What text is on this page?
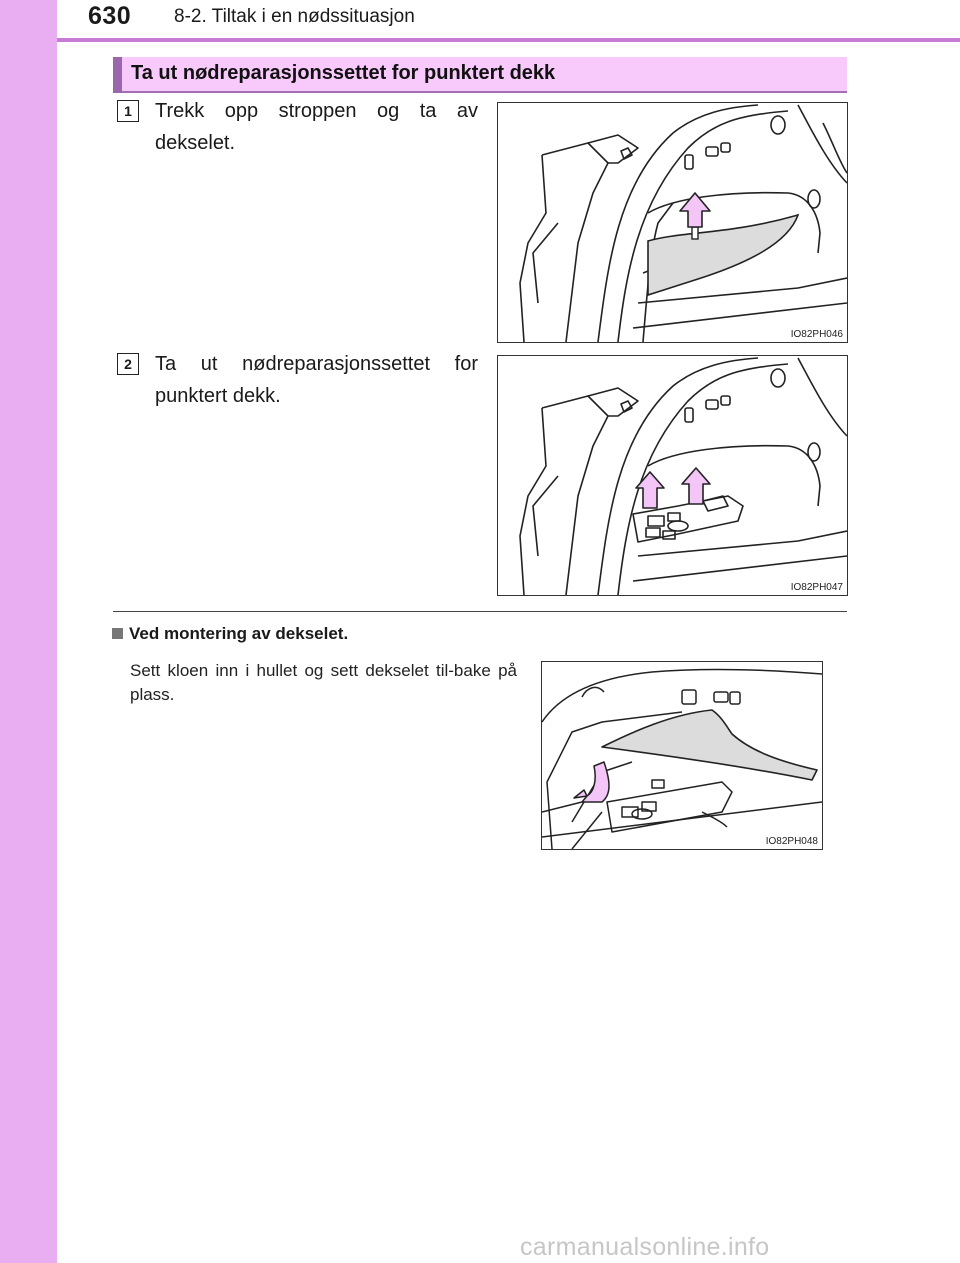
630 8-2. Tiltak i en nødssituasjon
Ta ut nødreparasjonssettet for punktert dekk
1	Trekk opp stroppen og ta av dekselet.
IO82PH046
2	Ta ut nødreparasjonssettet for punktert dekk.
IO82PH047
Ved montering av dekselet.
Sett kloen inn i hullet og sett dekselet til-bake på plass.
IO82PH048
carmanualsonline.info
